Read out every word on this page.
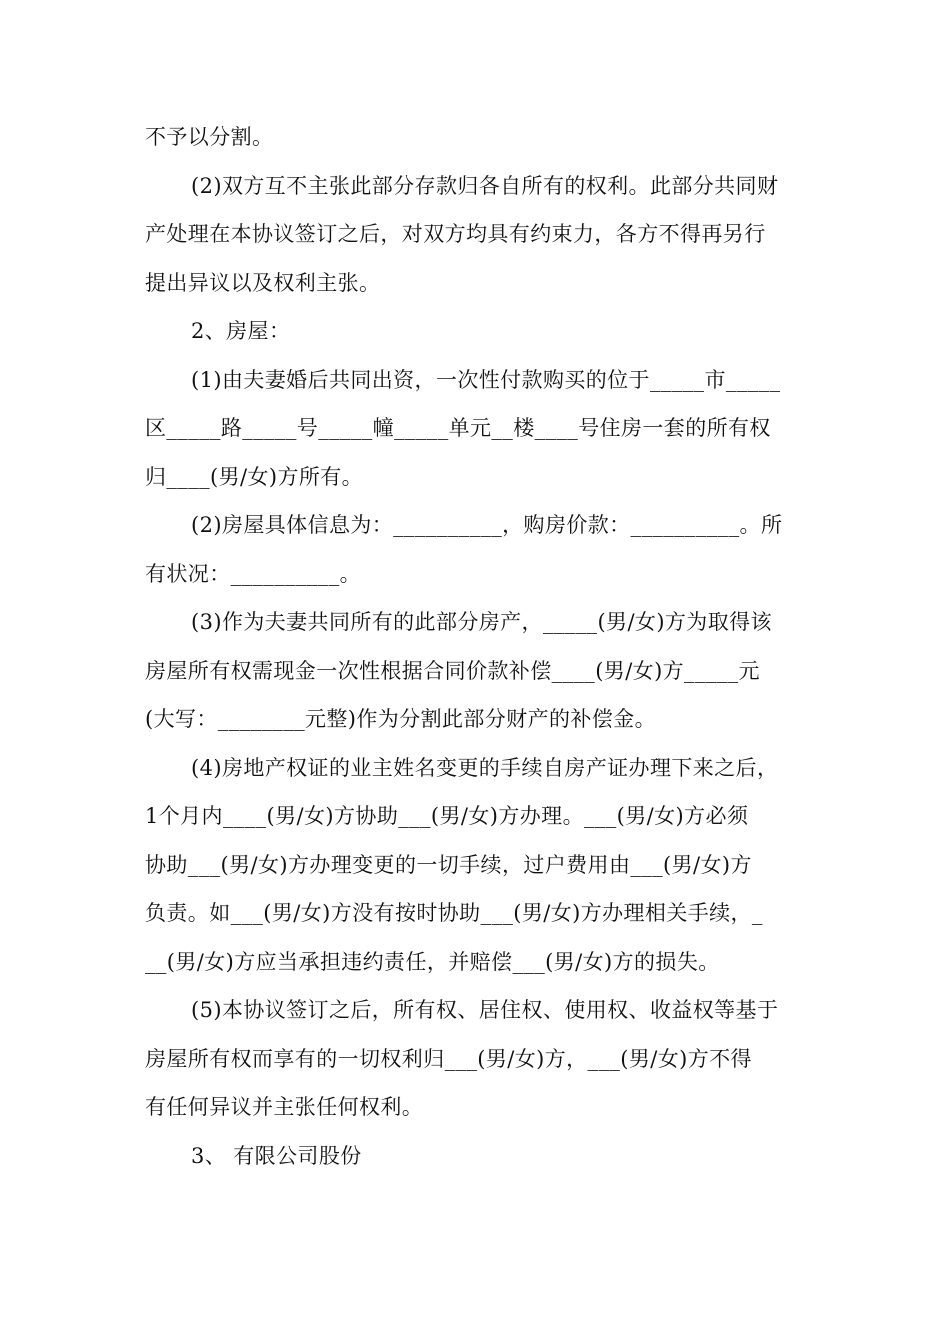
不予以分割。
(2)双方互不主张此部分存款归各自所有的权利。此部分共同财
产处理在本协议签订之后，对双方均具有约束力，各方不得再另行
提出异议以及权利主张。
2、房屋：
(1)由夫妻婚后共同出资，一次性付款购买的位于_____市_____
区_____路_____号_____幢_____单元__楼____号住房一套的所有权
归____(男/女)方所有。
(2)房屋具体信息为：__________，购房价款：__________。所
有状况：__________。
(3)作为夫妻共同所有的此部分房产，_____(男/女)方为取得该
房屋所有权需现金一次性根据合同价款补偿____(男/女)方_____元
(大写：________元整)作为分割此部分财产的补偿金。
(4)房地产权证的业主姓名变更的手续自房产证办理下来之后，
1个月内____(男/女)方协助___(男/女)方办理。___(男/女)方必须
协助___(男/女)方办理变更的一切手续，过户费用由___(男/女)方
负责。如___(男/女)方没有按时协助___(男/女)方办理相关手续，_
__(男/女)方应当承担违约责任，并赔偿___(男/女)方的损失。
(5)本协议签订之后，所有权、居住权、使用权、收益权等基于
房屋所有权而享有的一切权利归___(男/女)方，___(男/女)方不得
有任何异议并主张任何权利。
3、 有限公司股份
